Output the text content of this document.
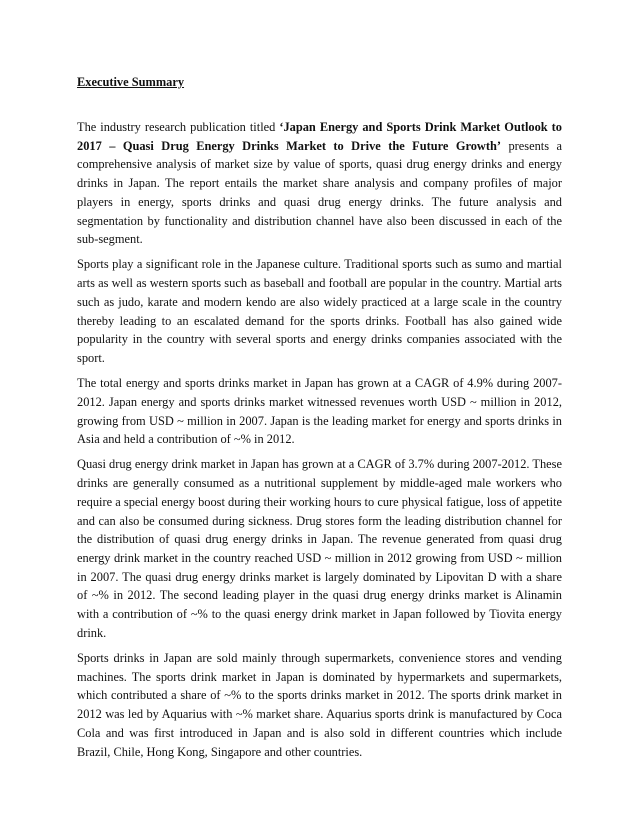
Executive Summary

The industry research publication titled ‘Japan Energy and Sports Drink Market Outlook to 2017 – Quasi Drug Energy Drinks Market to Drive the Future Growth’ presents a comprehensive analysis of market size by value of sports, quasi drug energy drinks and energy drinks in Japan. The report entails the market share analysis and company profiles of major players in energy, sports drinks and quasi drug energy drinks. The future analysis and segmentation by functionality and distribution channel have also been discussed in each of the sub-segment.

Sports play a significant role in the Japanese culture. Traditional sports such as sumo and martial arts as well as western sports such as baseball and football are popular in the country. Martial arts such as judo, karate and modern kendo are also widely practiced at a large scale in the country thereby leading to an escalated demand for the sports drinks. Football has also gained wide popularity in the country with several sports and energy drinks companies associated with the sport.

The total energy and sports drinks market in Japan has grown at a CAGR of 4.9% during 2007-2012. Japan energy and sports drinks market witnessed revenues worth USD ~ million in 2012, growing from USD ~ million in 2007. Japan is the leading market for energy and sports drinks in Asia and held a contribution of ~% in 2012.

Quasi drug energy drink market in Japan has grown at a CAGR of 3.7% during 2007-2012. These drinks are generally consumed as a nutritional supplement by middle-aged male workers who require a special energy boost during their working hours to cure physical fatigue, loss of appetite and can also be consumed during sickness. Drug stores form the leading distribution channel for the distribution of quasi drug energy drinks in Japan. The revenue generated from quasi drug energy drink market in the country reached USD ~ million in 2012 growing from USD ~ million in 2007. The quasi drug energy drinks market is largely dominated by Lipovitan D with a share of ~% in 2012. The second leading player in the quasi drug energy drinks market is Alinamin with a contribution of ~% to the quasi energy drink market in Japan followed by Tiovita energy drink.

Sports drinks in Japan are sold mainly through supermarkets, convenience stores and vending machines. The sports drink market in Japan is dominated by hypermarkets and supermarkets, which contributed a share of ~% to the sports drinks market in 2012. The sports drink market in 2012 was led by Aquarius with ~% market share. Aquarius sports drink is manufactured by Coca Cola and was first introduced in Japan and is also sold in different countries which include Brazil, Chile, Hong Kong, Singapore and other countries.
